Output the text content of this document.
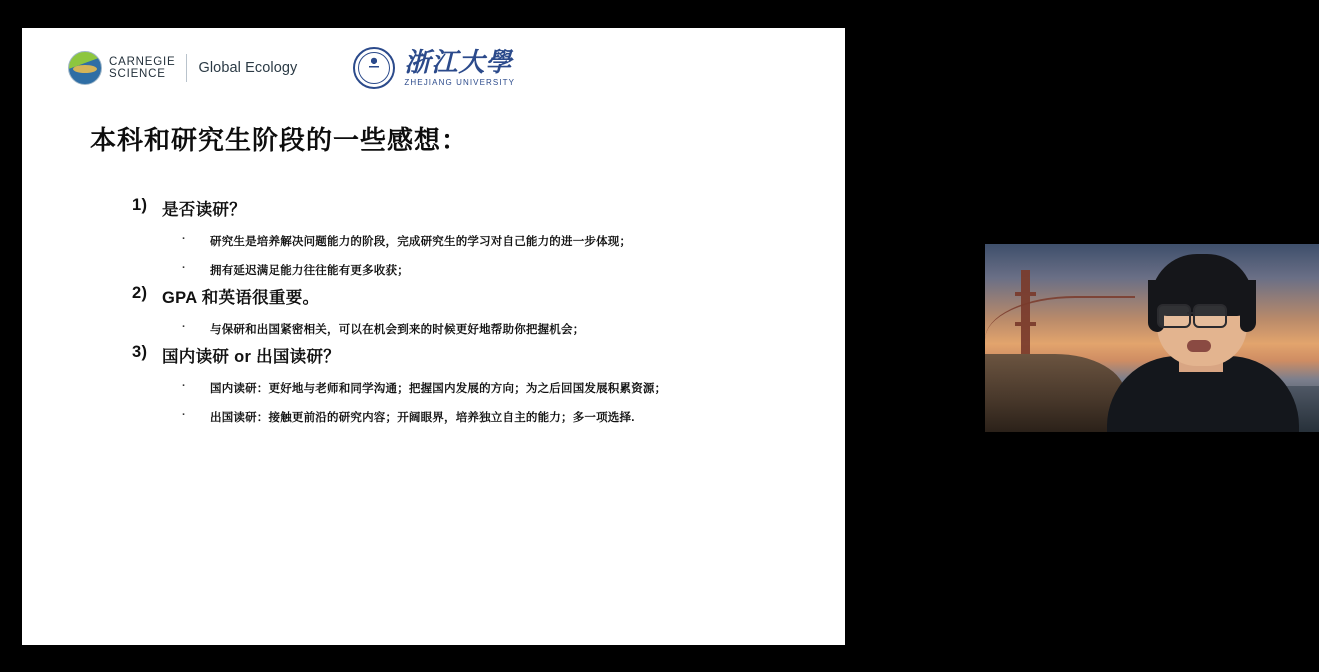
CARNEGIE
SCIENCE	Global Ecology	浙江大學
ZHEJIANG UNIVERSITY
本科和研究生阶段的一些感想：
1) 是否读研？
·	研究生是培养解决问题能力的阶段，完成研究生的学习对自己能力的进一步体现；
·	拥有延迟满足能力往往能有更多收获；
2) GPA 和英语很重要。
·	与保研和出国紧密相关，可以在机会到来的时候更好地帮助你把握机会；
3) 国内读研 or 出国读研？
·	国内读研：更好地与老师和同学沟通；把握国内发展的方向；为之后回国发展积累资源；
·	出国读研：接触更前沿的研究内容；开阔眼界，培养独立自主的能力；多一项选择.
